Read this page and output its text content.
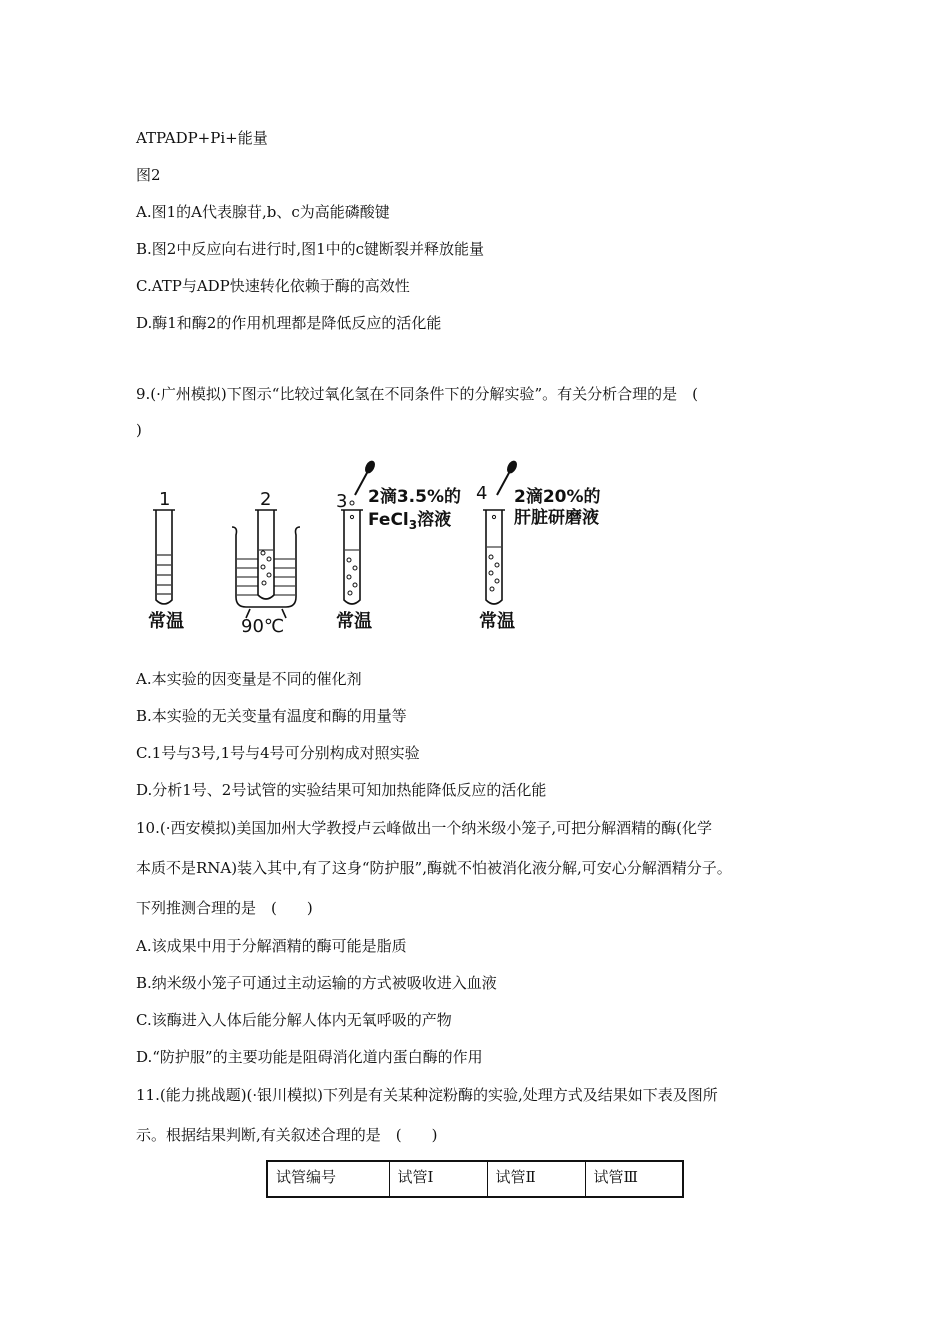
ATPADP+Pi+能量
图2
A.图1的A代表腺苷,b、c为高能磷酸键
B.图2中反应向右进行时,图1中的c键断裂并释放能量
C.ATP与ADP快速转化依赖于酶的高效性
D.酶1和酶2的作用机理都是降低反应的活化能
9.(·广州模拟)下图示“比较过氧化氢在不同条件下的分解实验”。有关分析合理的是　(
)
1	2	3	4
2滴3.5%的
FeCl$_3$溶液
2滴20%的
肝脏研磨液
常温	90℃	常温	常温
A.本实验的因变量是不同的催化剂
B.本实验的无关变量有温度和酶的用量等
C.1号与3号,1号与4号可分别构成对照实验
D.分析1号、2号试管的实验结果可知加热能降低反应的活化能
10.(·西安模拟)美国加州大学教授卢云峰做出一个纳米级小笼子,可把分解酒精的酶(化学
本质不是RNA)装入其中,有了这身“防护服”,酶就不怕被消化液分解,可安心分解酒精分子。
下列推测合理的是　(　　)
A.该成果中用于分解酒精的酶可能是脂质
B.纳米级小笼子可通过主动运输的方式被吸收进入血液
C.该酶进入人体后能分解人体内无氧呼吸的产物
D.“防护服”的主要功能是阻碍消化道内蛋白酶的作用
11.(能力挑战题)(·银川模拟)下列是有关某种淀粉酶的实验,处理方式及结果如下表及图所
示。根据结果判断,有关叙述合理的是　(　　)
试管编号	试管Ⅰ	试管Ⅱ	试管Ⅲ
